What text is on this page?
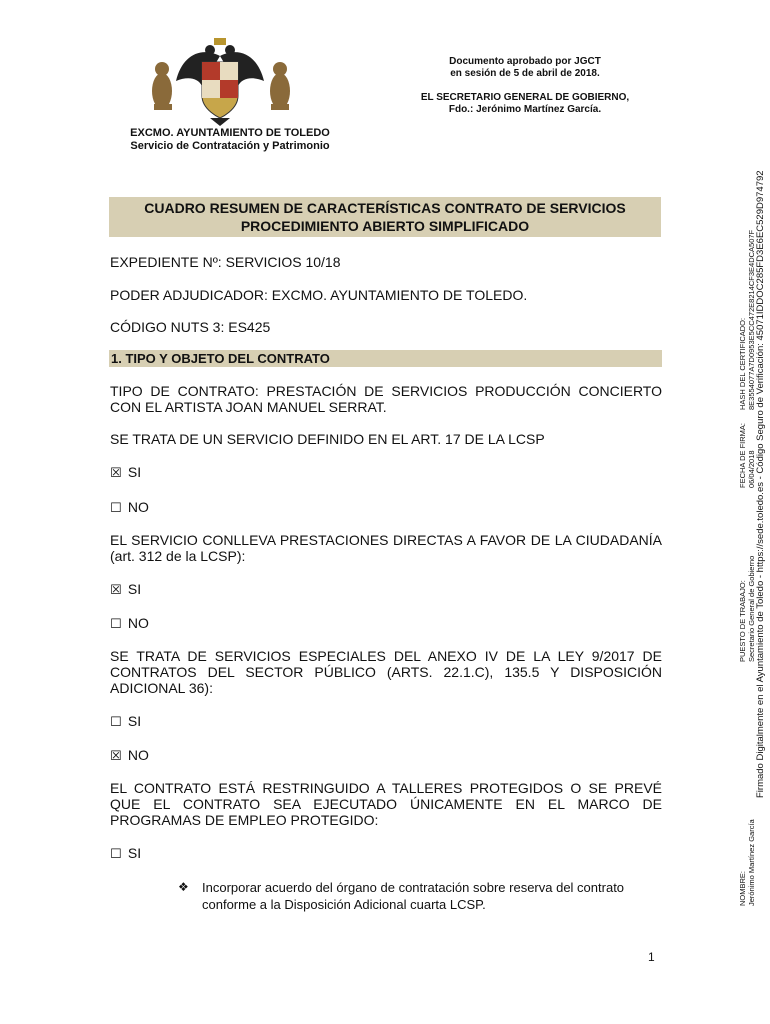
Documento aprobado por JGCT
en sesión de 5 de abril de 2018.
EL SECRETARIO GENERAL DE GOBIERNO,
Fdo.: Jerónimo Martínez García.
EXCMO. AYUNTAMIENTO DE TOLEDO
Servicio de Contratación y Patrimonio
CUADRO RESUMEN DE CARACTERÍSTICAS CONTRATO DE SERVICIOS
PROCEDIMIENTO ABIERTO SIMPLIFICADO
EXPEDIENTE Nº: SERVICIOS 10/18
PODER ADJUDICADOR: EXCMO. AYUNTAMIENTO DE TOLEDO.
CÓDIGO NUTS 3: ES425
1. TIPO Y OBJETO DEL CONTRATO
TIPO DE CONTRATO: PRESTACIÓN DE SERVICIOS PRODUCCIÓN CONCIERTO
CON EL ARTISTA JOAN MANUEL SERRAT.
SE TRATA DE UN SERVICIO DEFINIDO EN EL ART. 17 DE LA LCSP
☒ SI
☐ NO
EL SERVICIO CONLLEVA PRESTACIONES DIRECTAS A FAVOR DE LA CIUDADANÍA (art. 312 de la LCSP):
☒ SI
☐ NO
SE TRATA DE SERVICIOS ESPECIALES DEL ANEXO IV DE LA LEY 9/2017 DE CONTRATOS DEL SECTOR PÚBLICO (ARTS. 22.1.C), 135.5 Y DISPOSICIÓN ADICIONAL 36):
☐ SI
☒ NO
EL CONTRATO ESTÁ RESTRINGUIDO A TALLERES PROTEGIDOS O SE PREVÉ QUE EL CONTRATO SEA EJECUTADO ÚNICAMENTE EN EL MARCO DE PROGRAMAS DE EMPLEO PROTEGIDO:
☐ SI
❖ Incorporar acuerdo del órgano de contratación sobre reserva del contrato conforme a la Disposición Adicional cuarta LCSP.
1
NOMBRE: Jerónimo Martínez García
PUESTO DE TRABAJO: Secretario General de Gobierno
FECHA DE FIRMA: 06/04/2018
HASH DEL CERTIFICADO: 8E3554077A7D0953E5CC472E8214CF3E4DCA507F Firmado Digitalmente en el Ayuntamiento de Toledo - https://sede.toledo.es - Código Seguro de Verificación: 45071IDDOC285FD3E6EC529D974792
